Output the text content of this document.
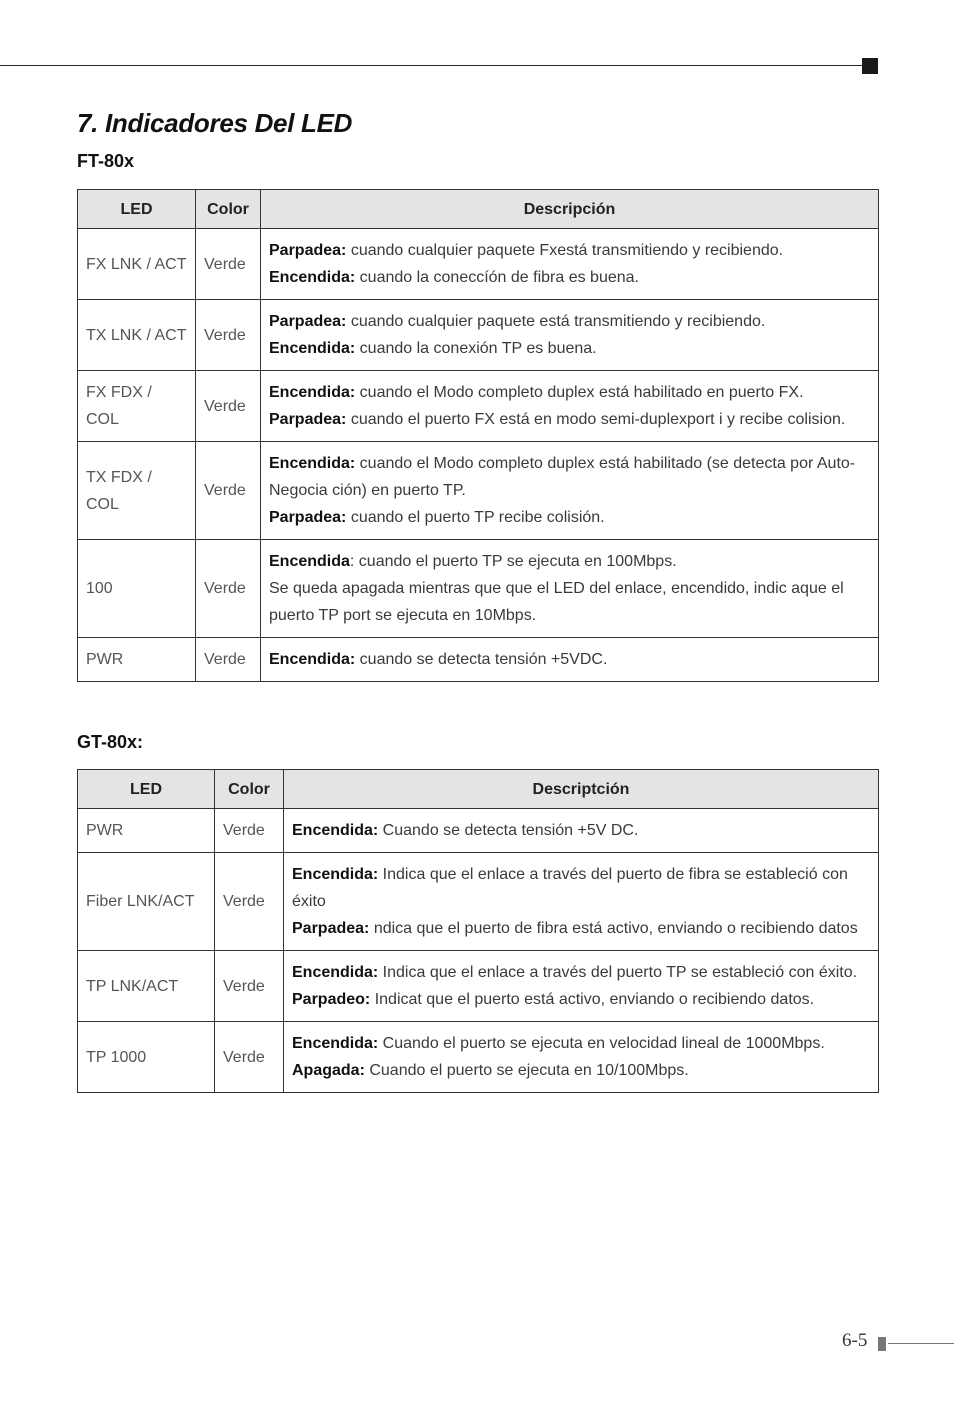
7. Indicadores Del LED
FT-80x
LED	Color	Descripción
FX LNK / ACT	Verde	Parpadea: cuando cualquier paquete Fxestá transmitiendo y recibiendo.
Encendida: cuando la coneccíón de fibra es buena.

TX LNK / ACT	Verde	Parpadea: cuando cualquier paquete está transmitiendo y recibiendo.
Encendida: cuando la conexión TP es buena.

FX FDX / COL	Verde	Encendida: cuando el Modo completo duplex está habilitado en puerto FX.
Parpadea: cuando el puerto FX está en modo semi-duplexport i y recibe colision.

TX FDX / COL	Verde	Encendida: cuando el Modo completo duplex está habilitado (se detecta por Auto-Negocia ción) en puerto TP.
Parpadea: cuando el puerto TP recibe colisión.

100	Verde	Encendida: cuando el puerto TP se ejecuta en 100Mbps.
Se queda apagada mientras que que el LED del enlace, encendido, indic aque el puerto TP port se ejecuta en 10Mbps.

PWR	Verde	Encendida: cuando se detecta tensión +5VDC.
GT-80x:
LED	Color	Descriptción
PWR	Verde	Encendida: Cuando se detecta tensión +5V DC.

Fiber LNK/ACT	Verde	Encendida: Indica que el enlace a través del puerto de fibra se estableció con éxito
Parpadea: ndica que el puerto de fibra está activo, enviando o recibiendo datos

TP LNK/ACT	Verde	Encendida: Indica que el enlace a través del puerto TP se estableció con éxito.
Parpadeo: Indicat que el puerto está activo, enviando o recibiendo datos.

TP 1000	Verde	Encendida: Cuando el puerto se ejecuta en velocidad lineal de 1000Mbps.
Apagada: Cuando el puerto se ejecuta en 10/100Mbps.
6-5
